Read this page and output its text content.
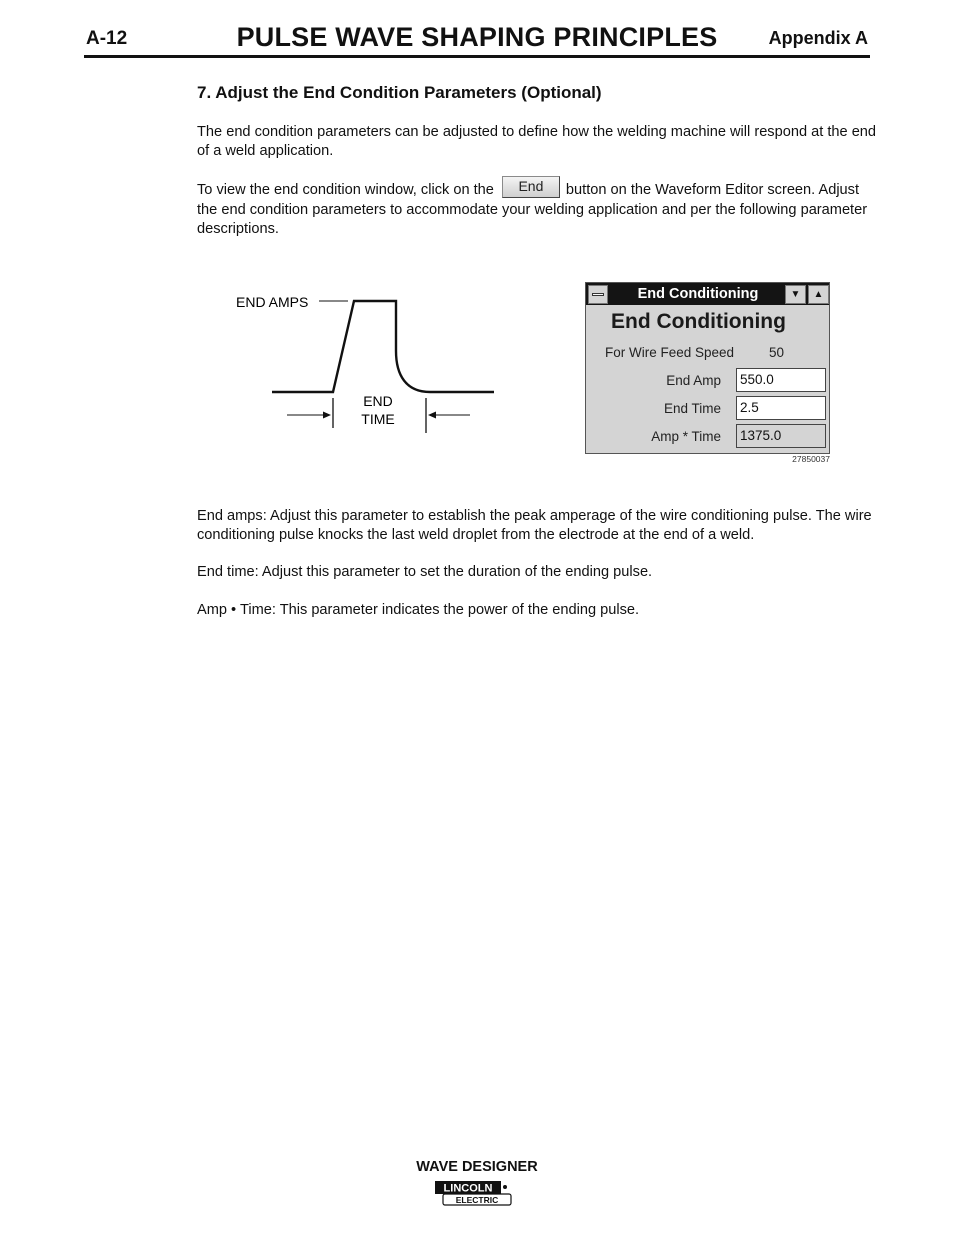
A-12	PULSE WAVE SHAPING PRINCIPLES	Appendix A
7. Adjust the End Condition Parameters (Optional)
The end condition parameters can be adjusted to define how the welding machine will respond at the end of a weld application.
To view the end condition window, click on the End button on the Waveform Editor screen. Adjust the end condition parameters to accommodate your welding application and per the following parameter descriptions.
END AMPS
END
TIME
End Conditioning	▼	▲
End Conditioning
For Wire Feed Speed	50
End Amp 550.0
End Time 2.5
Amp * Time 1375.0
27850037
End amps: Adjust this parameter to establish the peak amperage of the wire conditioning pulse. The wire conditioning pulse knocks the last weld droplet from the electrode at the end of a weld.
End time: Adjust this parameter to set the duration of the ending pulse.
Amp • Time: This parameter indicates the power of the ending pulse.
WAVE DESIGNER
LINCOLN
ELECTRIC
